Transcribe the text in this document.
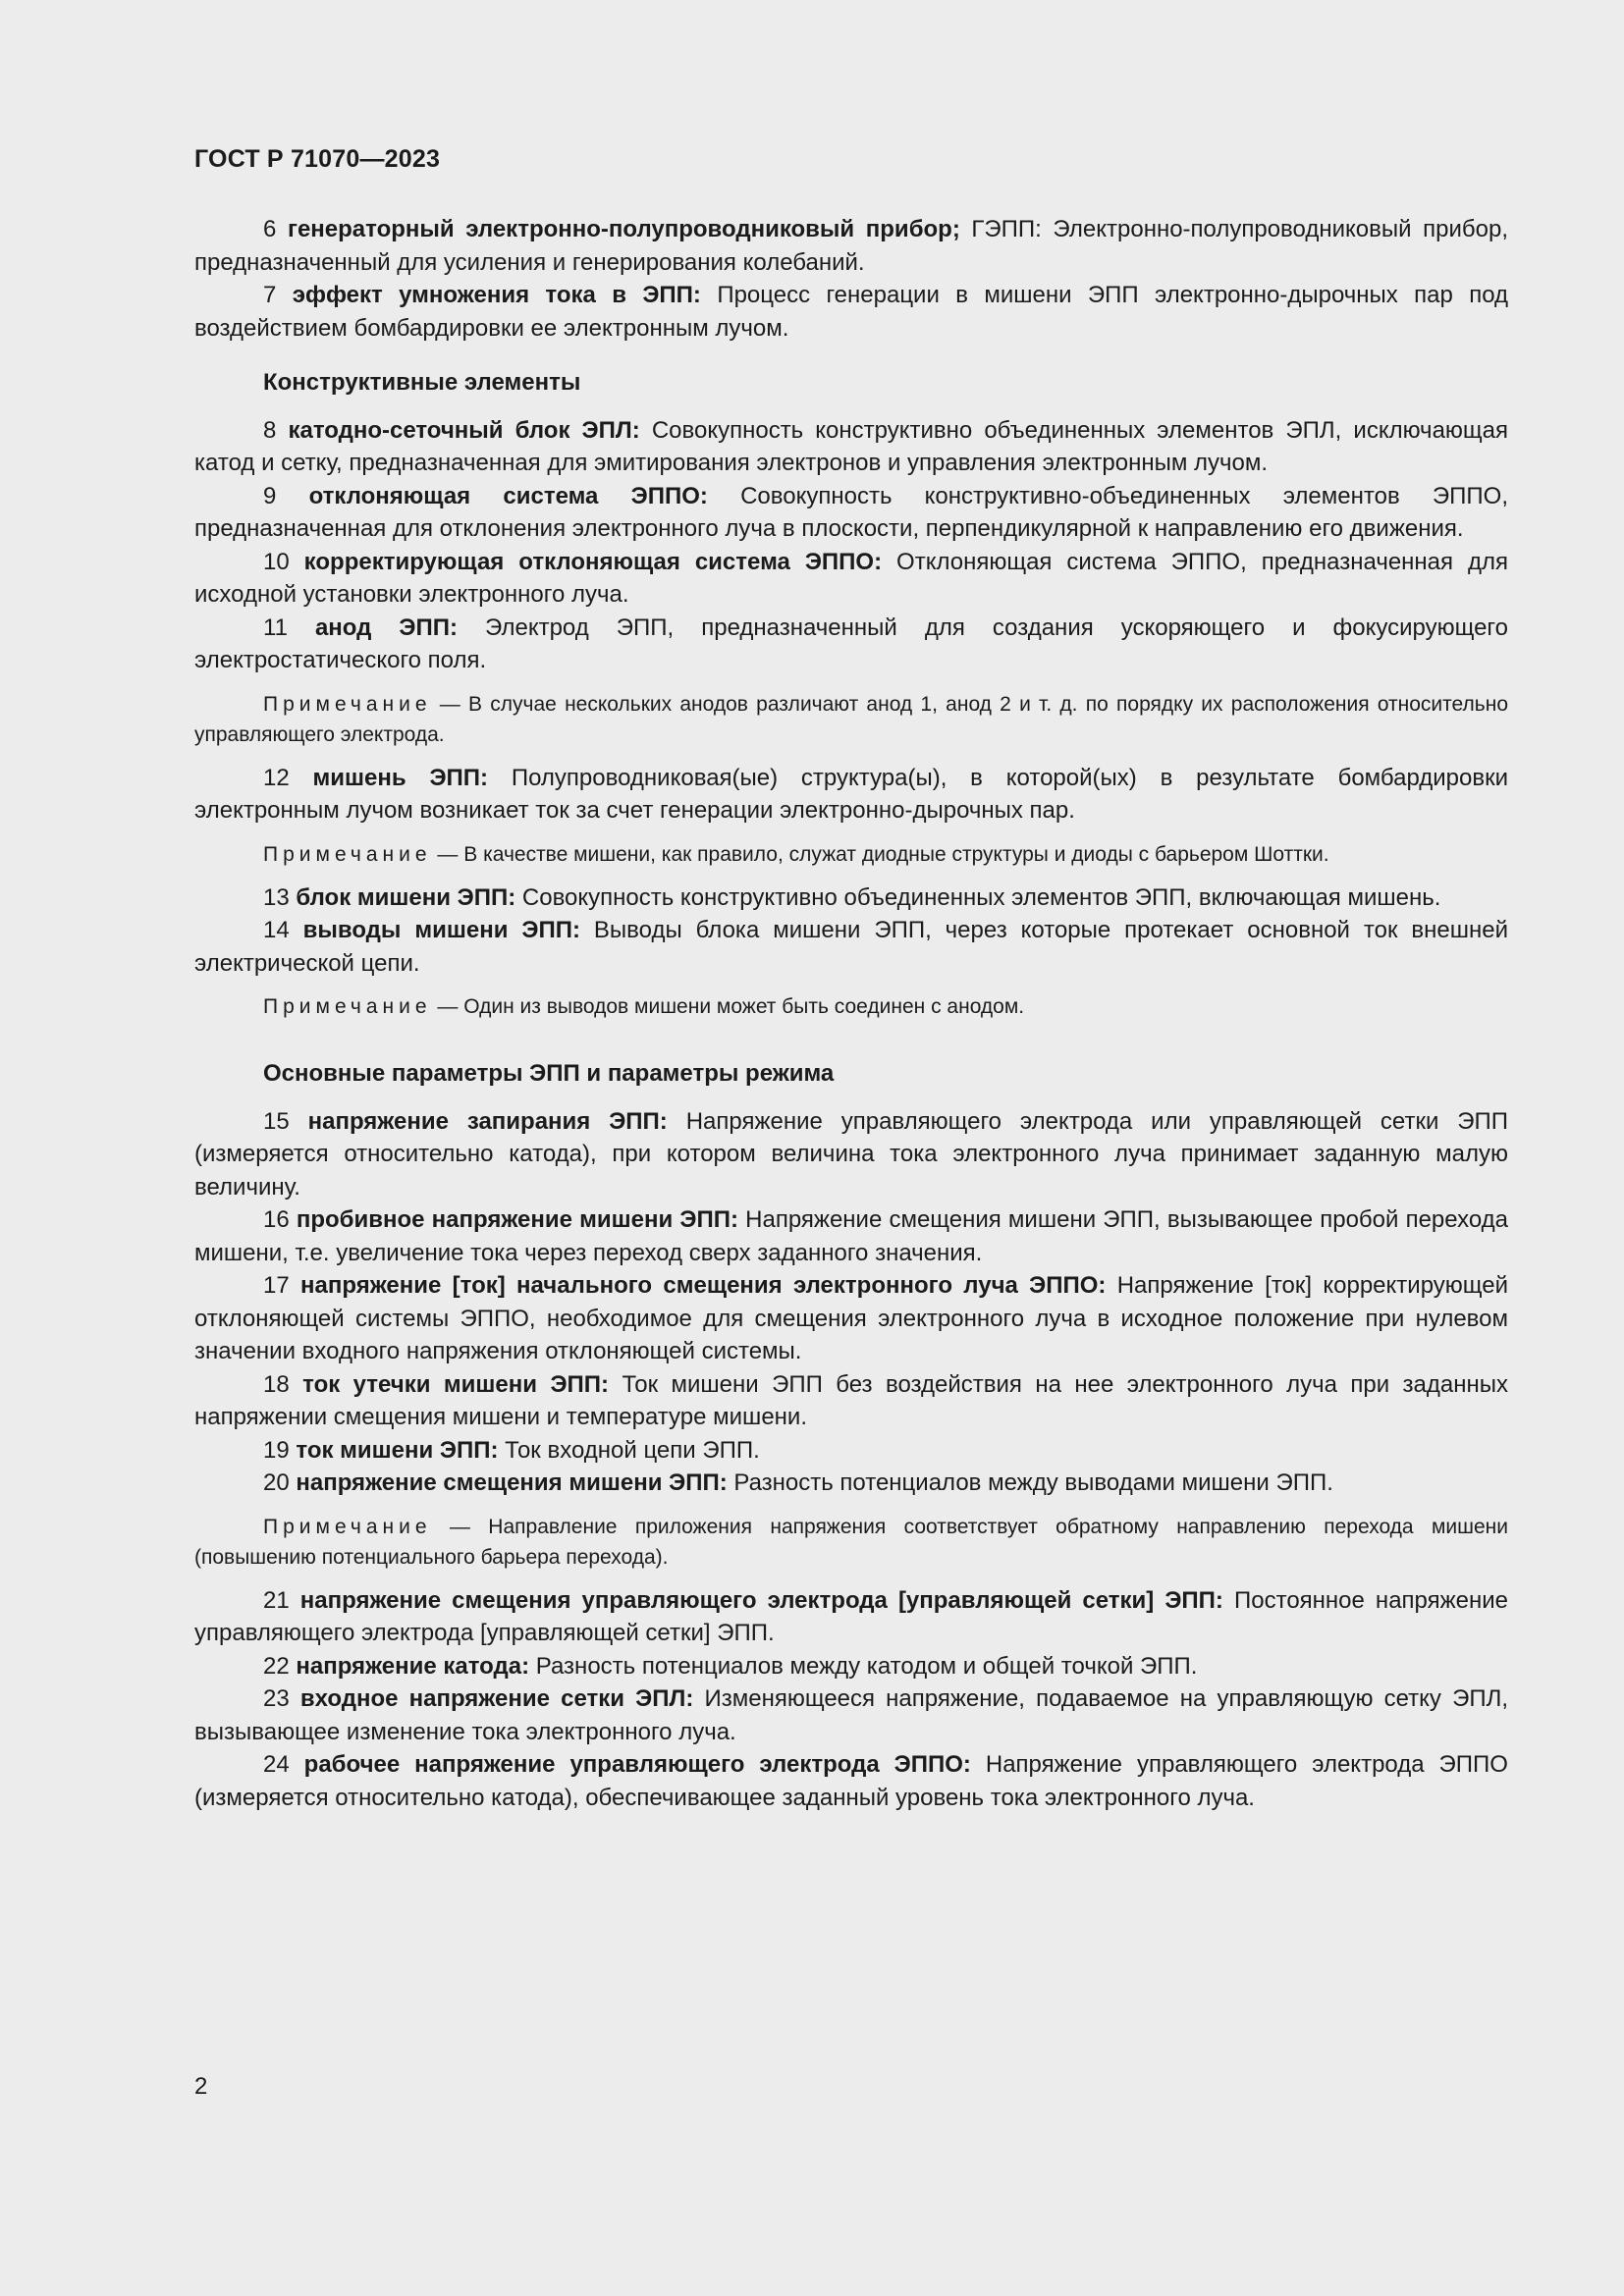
ГОСТ Р 71070—2023

6 генераторный электронно-полупроводниковый прибор; ГЭПП: Электронно-полупроводниковый прибор, предназначенный для усиления и генерирования колебаний.

7 эффект умножения тока в ЭПП: Процесс генерации в мишени ЭПП электронно-дырочных пар под воздействием бомбардировки ее электронным лучом.

Конструктивные элементы

8 катодно-сеточный блок ЭПЛ: Совокупность конструктивно объединенных элементов ЭПЛ, исключающая катод и сетку, предназначенная для эмитирования электронов и управления электронным лучом.

9 отклоняющая система ЭППО: Совокупность конструктивно-объединенных элементов ЭППО, предназначенная для отклонения электронного луча в плоскости, перпендикулярной к направлению его движения.

10 корректирующая отклоняющая система ЭППО: Отклоняющая система ЭППО, предназначенная для исходной установки электронного луча.

11 анод ЭПП: Электрод ЭПП, предназначенный для создания ускоряющего и фокусирующего электростатического поля.

Примечание — В случае нескольких анодов различают анод 1, анод 2 и т. д. по порядку их расположения относительно управляющего электрода.

12 мишень ЭПП: Полупроводниковая(ые) структура(ы), в которой(ых) в результате бомбардировки электронным лучом возникает ток за счет генерации электронно-дырочных пар.

Примечание — В качестве мишени, как правило, служат диодные структуры и диоды с барьером Шоттки.

13 блок мишени ЭПП: Совокупность конструктивно объединенных элементов ЭПП, включающая мишень.

14 выводы мишени ЭПП: Выводы блока мишени ЭПП, через которые протекает основной ток внешней электрической цепи.

Примечание — Один из выводов мишени может быть соединен с анодом.

Основные параметры ЭПП и параметры режима

15 напряжение запирания ЭПП: Напряжение управляющего электрода или управляющей сетки ЭПП (измеряется относительно катода), при котором величина тока электронного луча принимает заданную малую величину.

16 пробивное напряжение мишени ЭПП: Напряжение смещения мишени ЭПП, вызывающее пробой перехода мишени, т.е. увеличение тока через переход сверх заданного значения.

17 напряжение [ток] начального смещения электронного луча ЭППО: Напряжение [ток] корректирующей отклоняющей системы ЭППО, необходимое для смещения электронного луча в исходное положение при нулевом значении входного напряжения отклоняющей системы.

18 ток утечки мишени ЭПП: Ток мишени ЭПП без воздействия на нее электронного луча при заданных напряжении смещения мишени и температуре мишени.

19 ток мишени ЭПП: Ток входной цепи ЭПП.

20 напряжение смещения мишени ЭПП: Разность потенциалов между выводами мишени ЭПП.

Примечание — Направление приложения напряжения соответствует обратному направлению перехода мишени (повышению потенциального барьера перехода).

21 напряжение смещения управляющего электрода [управляющей сетки] ЭПП: Постоянное напряжение управляющего электрода [управляющей сетки] ЭПП.

22 напряжение катода: Разность потенциалов между катодом и общей точкой ЭПП.

23 входное напряжение сетки ЭПЛ: Изменяющееся напряжение, подаваемое на управляющую сетку ЭПЛ, вызывающее изменение тока электронного луча.

24 рабочее напряжение управляющего электрода ЭППО: Напряжение управляющего электрода ЭППО (измеряется относительно катода), обеспечивающее заданный уровень тока электронного луча.

2
